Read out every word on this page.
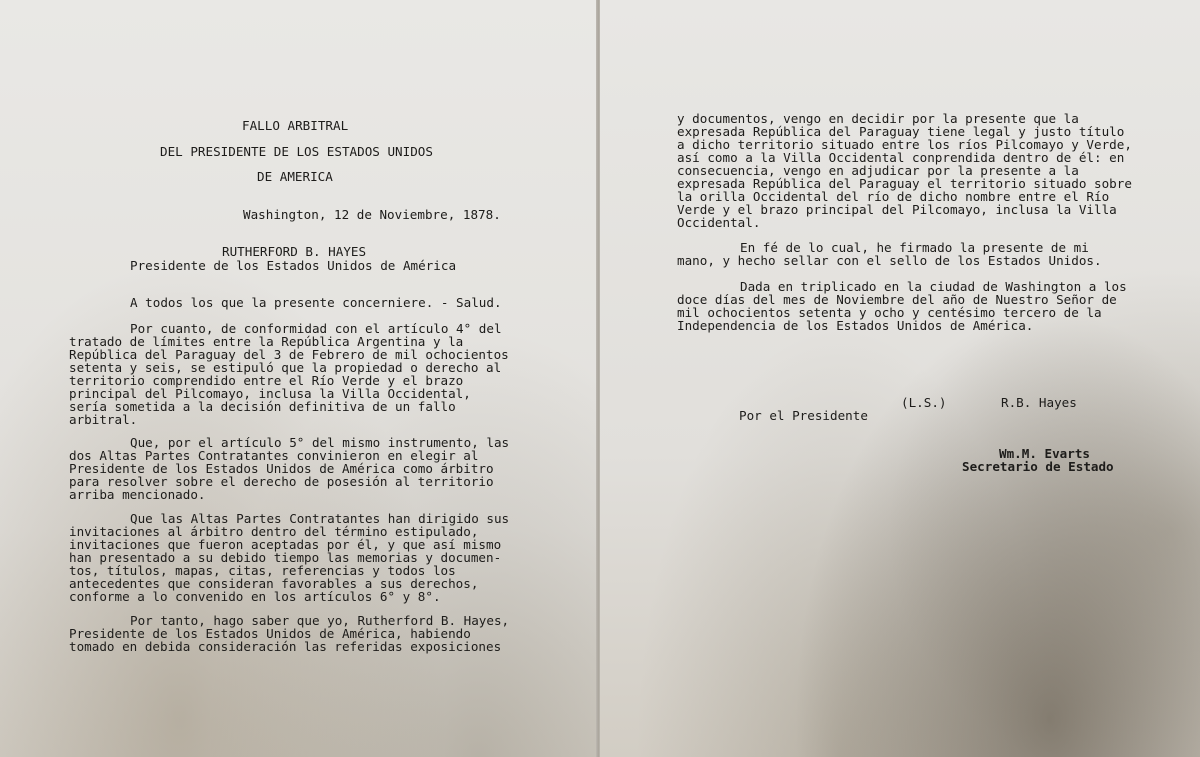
FALLO ARBITRAL
DEL PRESIDENTE DE LOS ESTADOS UNIDOS
DE AMERICA
Washington, 12 de Noviembre, 1878.
RUTHERFORD B. HAYES
Presidente de los Estados Unidos de América
A todos los que la presente concerniere. - Salud.
Por cuanto, de conformidad con el artículo 4° del
tratado de límites entre la República Argentina y la
República del Paraguay del 3 de Febrero de mil ochocientos
setenta y seis, se estipuló que la propiedad o derecho al
territorio comprendido entre el Río Verde y el brazo
principal del Pilcomayo, inclusa la Villa Occidental,
sería sometida a la decisión definitiva de un fallo
arbitral.
Que, por el artículo 5° del mismo instrumento, las
dos Altas Partes Contratantes convinieron en elegir al
Presidente de los Estados Unidos de América como árbitro
para resolver sobre el derecho de posesión al territorio
arriba mencionado.
Que las Altas Partes Contratantes han dirigido sus
invitaciones al árbitro dentro del término estipulado,
invitaciones que fueron aceptadas por él, y que así mismo
han presentado a su debido tiempo las memorias y documen-
tos, títulos, mapas, citas, referencias y todos los
antecedentes que consideran favorables a sus derechos,
conforme a lo convenido en los artículos 6° y 8°.
Por tanto, hago saber que yo, Rutherford B. Hayes,
Presidente de los Estados Unidos de América, habiendo
tomado en debida consideración las referidas exposiciones
y documentos, vengo en decidir por la presente que la
expresada República del Paraguay tiene legal y justo título
a dicho territorio situado entre los ríos Pilcomayo y Verde,
así como a la Villa Occidental conprendida dentro de él: en
consecuencia, vengo en adjudicar por la presente a la
expresada República del Paraguay el territorio situado sobre
la orilla Occidental del río de dicho nombre entre el Río
Verde y el brazo principal del Pilcomayo, inclusa la Villa
Occidental.
En fé de lo cual, he firmado la presente de mi
mano, y hecho sellar con el sello de los Estados Unidos.
Dada en triplicado en la ciudad de Washington a los
doce días del mes de Noviembre del año de Nuestro Señor de
mil ochocientos setenta y ocho y centésimo tercero de la
Independencia de los Estados Unidos de América.
(L.S.)	R.B. Hayes
Por el Presidente
Wm.M. Evarts
Secretario de Estado
